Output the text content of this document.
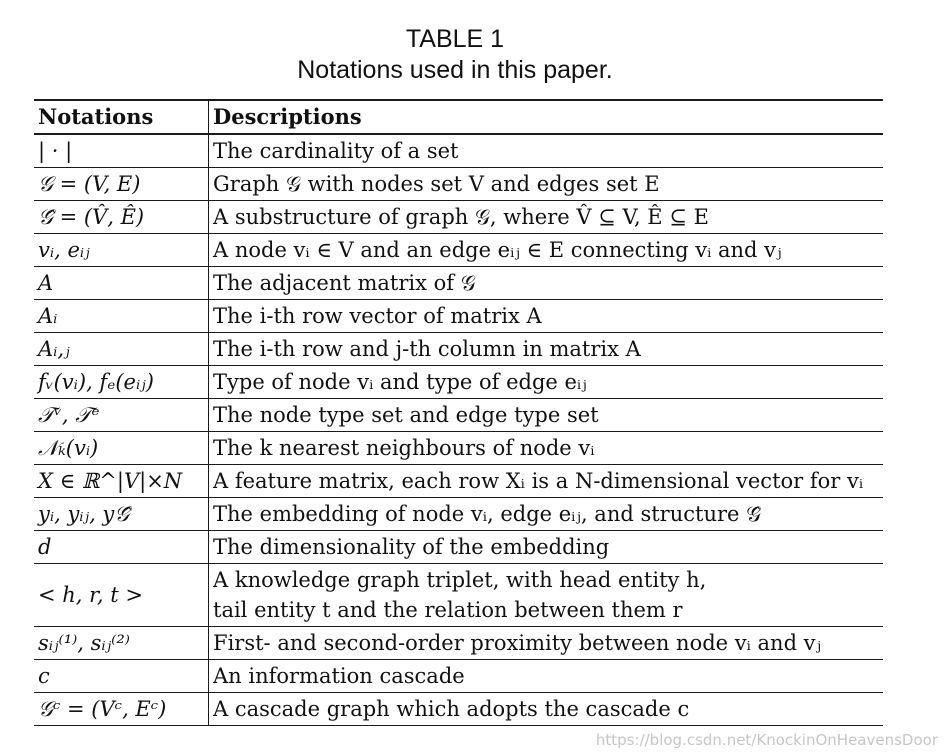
TABLE 1
Notations used in this paper.
Notations	Descriptions
| · |	The cardinality of a set
𝒢 = (V, E)	Graph 𝒢 with nodes set V and edges set E
𝒢̂ = (V̂, Ê)	A substructure of graph 𝒢, where V̂ ⊆ V, Ê ⊆ E
vᵢ, eᵢⱼ	A node vᵢ ∈ V and an edge eᵢⱼ ∈ E connecting vᵢ and vⱼ
A	The adjacent matrix of 𝒢
Aᵢ	The i-th row vector of matrix A
Aᵢ,ⱼ	The i-th row and j-th column in matrix A
fᵥ(vᵢ), fₑ(eᵢⱼ)	Type of node vᵢ and type of edge eᵢⱼ
𝒯ᵛ, 𝒯ᵉ	The node type set and edge type set
𝒩ₖ(vᵢ)	The k nearest neighbours of node vᵢ
X ∈ ℝ^|V|×N	A feature matrix, each row Xᵢ is a N-dimensional vector for vᵢ
yᵢ, yᵢⱼ, y𝒢̂	The embedding of node vᵢ, edge eᵢⱼ, and structure 𝒢̂
d	The dimensionality of the embedding
< h, r, t >	A knowledge graph triplet, with head entity h,
tail entity t and the relation between them r

sᵢⱼ⁽¹⁾, sᵢⱼ⁽²⁾	First- and second-order proximity between node vᵢ and vⱼ
c	An information cascade
𝒢ᶜ = (Vᶜ, Eᶜ)	A cascade graph which adopts the cascade c
https://blog.csdn.net/KnockinOnHeavensDoor
